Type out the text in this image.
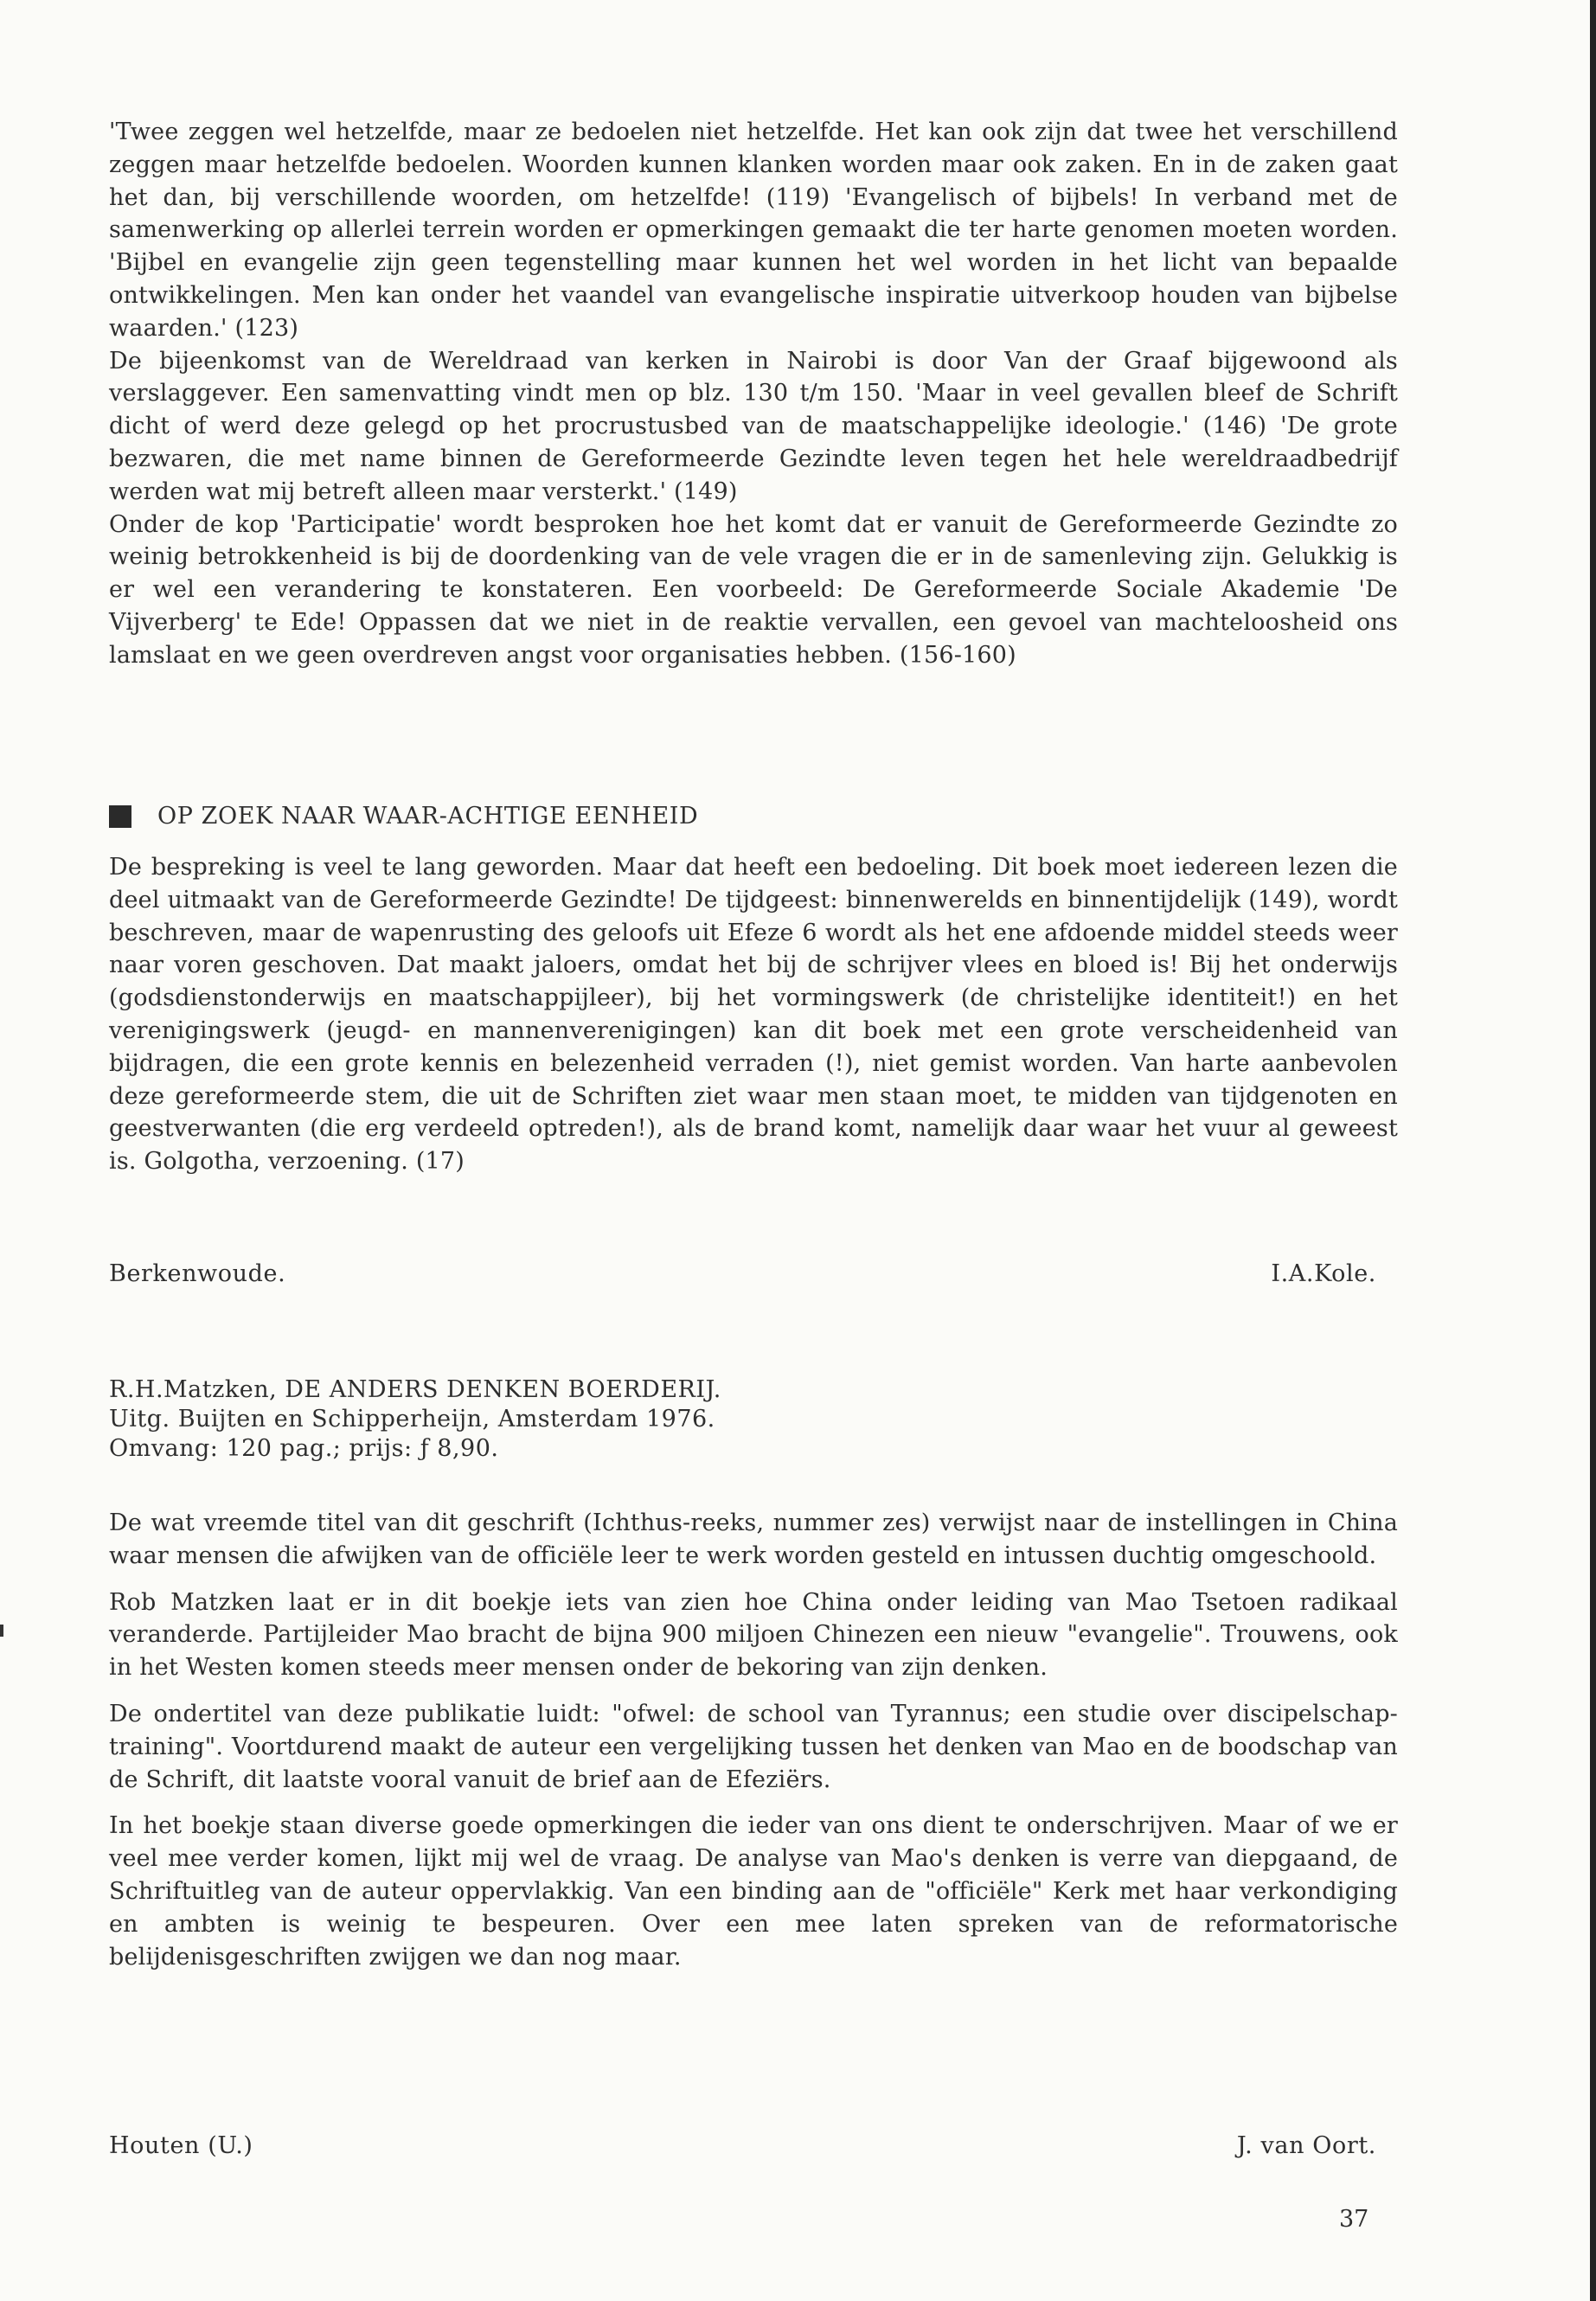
'Twee zeggen wel hetzelfde, maar ze bedoelen niet hetzelfde. Het kan ook zijn dat twee het verschillend zeggen maar hetzelfde bedoelen. Woorden kunnen klanken worden maar ook zaken. En in de zaken gaat het dan, bij verschillende woorden, om hetzelfde! (119) 'Evangelisch of bijbels! In verband met de samenwerking op allerlei terrein worden er opmerkingen gemaakt die ter harte genomen moeten worden. 'Bijbel en evangelie zijn geen tegenstelling maar kunnen het wel worden in het licht van bepaalde ontwikkelingen. Men kan onder het vaandel van evangelische inspiratie uitverkoop houden van bijbelse waarden.' (123)

De bijeenkomst van de Wereldraad van kerken in Nairobi is door Van der Graaf bijgewoond als verslaggever. Een samenvatting vindt men op blz. 130 t/m 150. 'Maar in veel gevallen bleef de Schrift dicht of werd deze gelegd op het procrustusbed van de maatschappelijke ideologie.' (146) 'De grote bezwaren, die met name binnen de Gereformeerde Gezindte leven tegen het hele wereldraadbedrijf werden wat mij betreft alleen maar versterkt.' (149)

Onder de kop 'Participatie' wordt besproken hoe het komt dat er vanuit de Gereformeerde Gezindte zo weinig betrokkenheid is bij de doordenking van de vele vragen die er in de samenleving zijn. Gelukkig is er wel een verandering te konstateren. Een voorbeeld: De Gereformeerde Sociale Akademie 'De Vijverberg' te Ede! Oppassen dat we niet in de reaktie vervallen, een gevoel van machteloosheid ons lamslaat en we geen overdreven angst voor organisaties hebben. (156-160)

OP ZOEK NAAR WAAR-ACHTIGE EENHEID

De bespreking is veel te lang geworden. Maar dat heeft een bedoeling. Dit boek moet iedereen lezen die deel uitmaakt van de Gereformeerde Gezindte! De tijdgeest: binnenwerelds en binnentijdelijk (149), wordt beschreven, maar de wapenrusting des geloofs uit Efeze 6 wordt als het ene afdoende middel steeds weer naar voren geschoven. Dat maakt jaloers, omdat het bij de schrijver vlees en bloed is! Bij het onderwijs (godsdienstonderwijs en maatschappijleer), bij het vormingswerk (de christelijke identiteit!) en het verenigingswerk (jeugd- en mannenverenigingen) kan dit boek met een grote verscheidenheid van bijdragen, die een grote kennis en belezenheid verraden (!), niet gemist worden. Van harte aanbevolen deze gereformeerde stem, die uit de Schriften ziet waar men staan moet, te midden van tijdgenoten en geestverwanten (die erg verdeeld optreden!), als de brand komt, namelijk daar waar het vuur al geweest is. Golgotha, verzoening. (17)

Berkenwoude.	I.A.Kole.
R.H.Matzken, DE ANDERS DENKEN BOERDERIJ.
Uitg. Buijten en Schipperheijn, Amsterdam 1976.
Omvang: 120 pag.; prijs: ƒ 8,90.

De wat vreemde titel van dit geschrift (Ichthus-reeks, nummer zes) verwijst naar de instellingen in China waar mensen die afwijken van de officiële leer te werk worden gesteld en intussen duchtig omgeschoold.

Rob Matzken laat er in dit boekje iets van zien hoe China onder leiding van Mao Tsetoen radikaal veranderde. Partijleider Mao bracht de bijna 900 miljoen Chinezen een nieuw "evangelie". Trouwens, ook in het Westen komen steeds meer mensen onder de bekoring van zijn denken.

De ondertitel van deze publikatie luidt: "ofwel: de school van Tyrannus; een studie over discipelschap-training". Voortdurend maakt de auteur een vergelijking tussen het denken van Mao en de boodschap van de Schrift, dit laatste vooral vanuit de brief aan de Efeziërs.

In het boekje staan diverse goede opmerkingen die ieder van ons dient te onderschrijven. Maar of we er veel mee verder komen, lijkt mij wel de vraag. De analyse van Mao's denken is verre van diepgaand, de Schriftuitleg van de auteur oppervlakkig. Van een binding aan de "officiële" Kerk met haar verkondiging en ambten is weinig te bespeuren. Over een mee laten spreken van de reformatorische belijdenisgeschriften zwijgen we dan nog maar.

Houten (U.)	J. van Oort.
37
